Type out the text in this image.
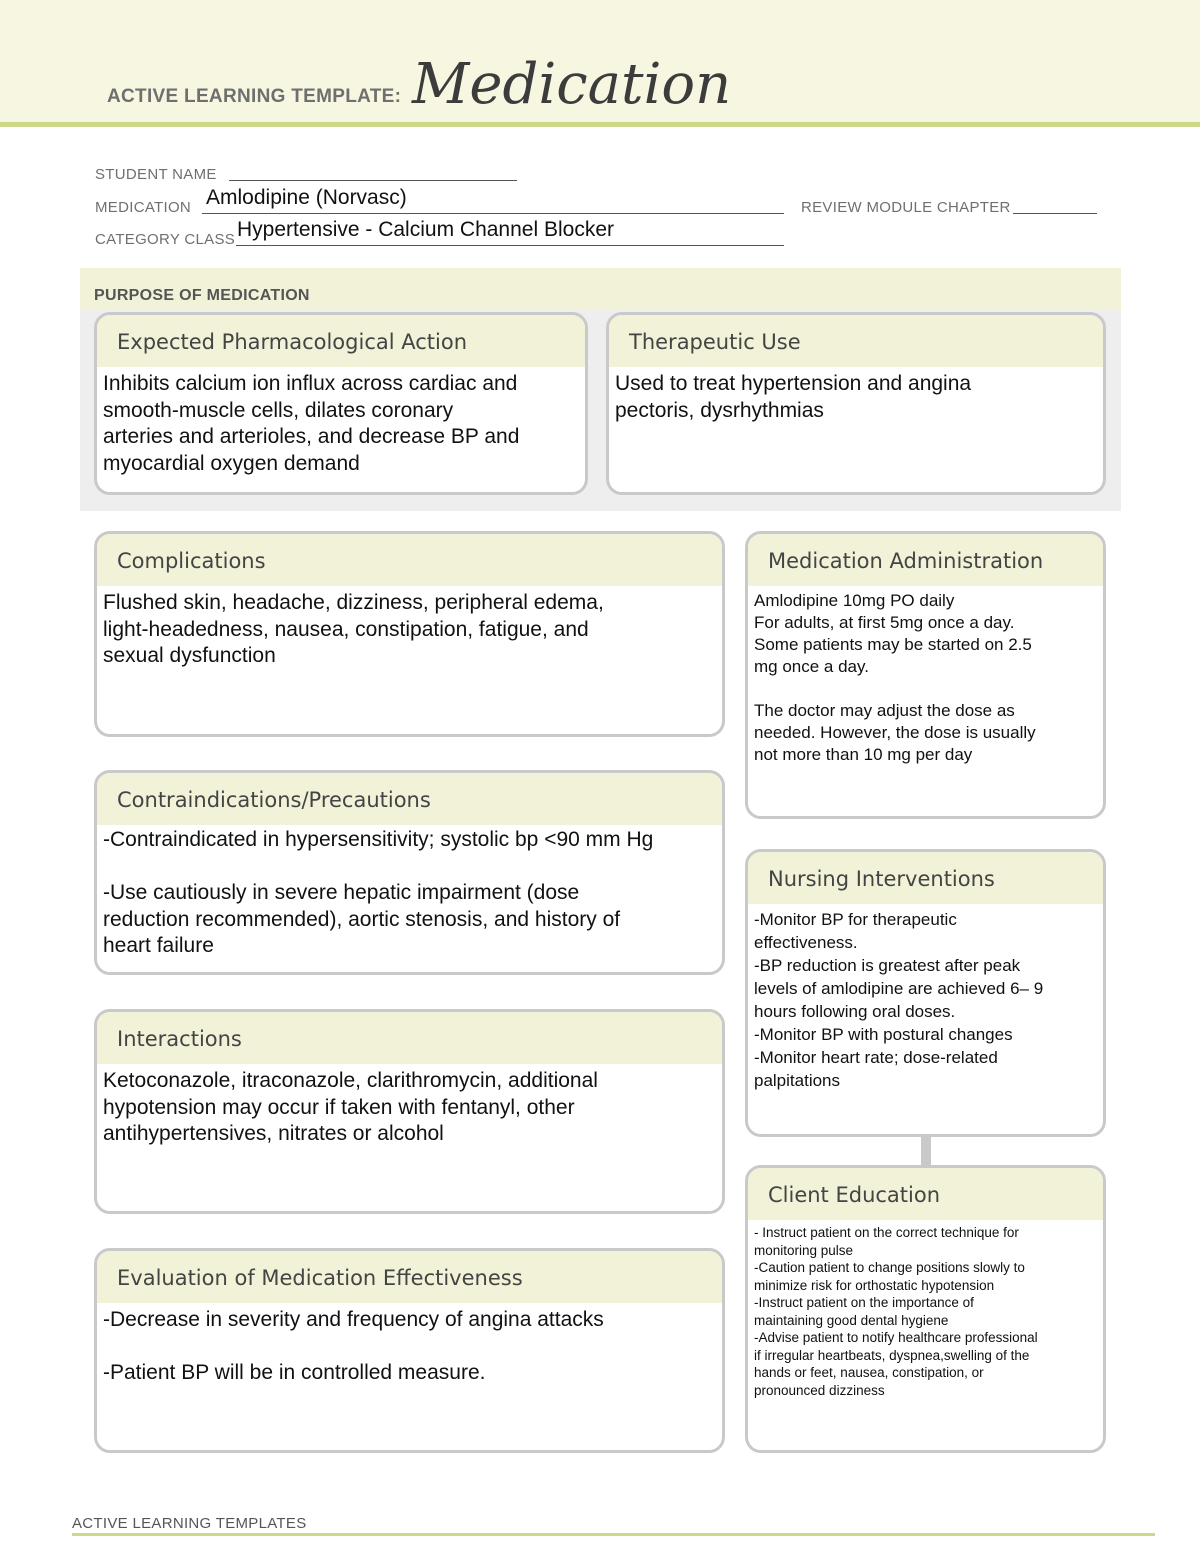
ACTIVE LEARNING TEMPLATE: Medication
STUDENT NAME
MEDICATION Amlodipine (Norvasc)	REVIEW MODULE CHAPTER
CATEGORY CLASS Hypertensive - Calcium Channel Blocker
PURPOSE OF MEDICATION
Expected Pharmacological Action
Inhibits calcium ion influx across cardiac and
smooth-muscle cells, dilates coronary
arteries and arterioles, and decrease BP and
myocardial oxygen demand
Therapeutic Use
Used to treat hypertension and angina
pectoris, dysrhythmias
Complications
Flushed skin, headache, dizziness, peripheral edema,
light-headedness, nausea, constipation, fatigue, and
sexual dysfunction
Contraindications/Precautions
-Contraindicated in hypersensitivity; systolic bp <90 mm Hg

-Use cautiously in severe hepatic impairment (dose
reduction recommended), aortic stenosis, and history of
heart failure
Interactions
Ketoconazole, itraconazole, clarithromycin, additional
hypotension may occur if taken with fentanyl, other
antihypertensives, nitrates or alcohol
Evaluation of Medication Effectiveness
-Decrease in severity and frequency of angina attacks

-Patient BP will be in controlled measure.
Medication Administration
Amlodipine 10mg PO daily
For adults, at first 5mg once a day.
Some patients may be started on 2.5
mg once a day.

The doctor may adjust the dose as
needed. However, the dose is usually
not more than 10 mg per day
Nursing Interventions
-Monitor BP for therapeutic
effectiveness.
-BP reduction is greatest after peak
levels of amlodipine are achieved 6– 9
hours following oral doses.
-Monitor BP with postural changes
-Monitor heart rate; dose-related
palpitations
Client Education
- Instruct patient on the correct technique for
monitoring pulse
-Caution patient to change positions slowly to
minimize risk for orthostatic hypotension
-Instruct patient on the importance of
maintaining good dental hygiene
-Advise patient to notify healthcare professional
if irregular heartbeats, dyspnea,swelling of the
hands or feet, nausea, constipation, or
pronounced dizziness
ACTIVE LEARNING TEMPLATES
